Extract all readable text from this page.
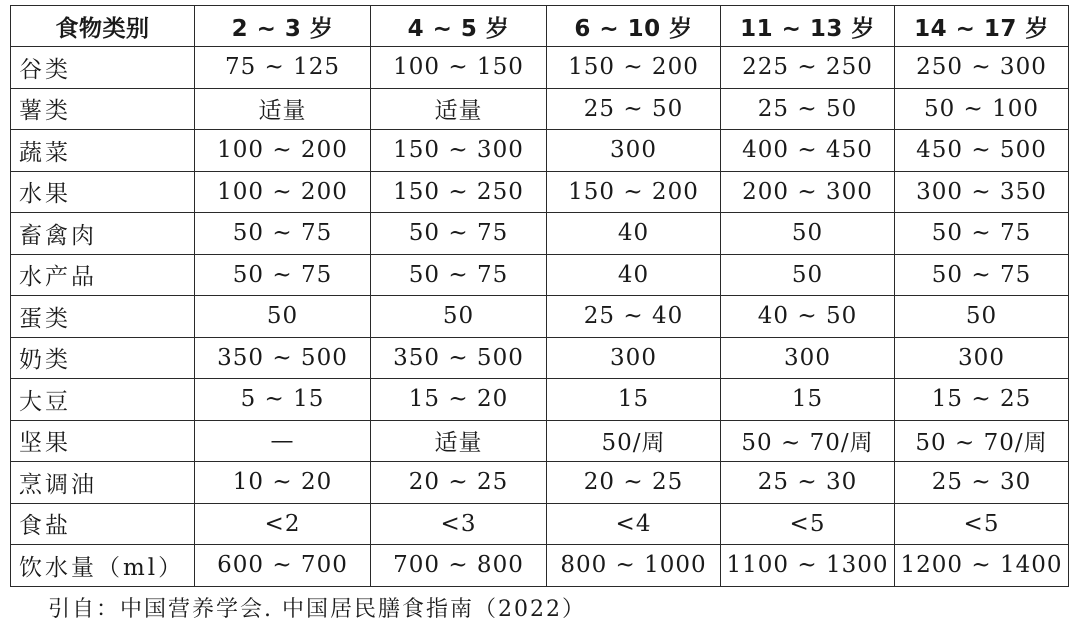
食物类别	2 ~ 3 岁	4 ~ 5 岁	6 ~ 10 岁	11 ~ 13 岁	14 ~ 17 岁
谷类	75 ~ 125	100 ~ 150	150 ~ 200	225 ~ 250	250 ~ 300
薯类	适量	适量	25 ~ 50	25 ~ 50	50 ~ 100
蔬菜	100 ~ 200	150 ~ 300	300	400 ~ 450	450 ~ 500
水果	100 ~ 200	150 ~ 250	150 ~ 200	200 ~ 300	300 ~ 350
畜禽肉	50 ~ 75	50 ~ 75	40	50	50 ~ 75
水产品	50 ~ 75	50 ~ 75	40	50	50 ~ 75
蛋类	50	50	25 ~ 40	40 ~ 50	50
奶类	350 ~ 500	350 ~ 500	300	300	300
大豆	5 ~ 15	15 ~ 20	15	15	15 ~ 25
坚果	—	适量	50/周	50 ~ 70/周	50 ~ 70/周
烹调油	10 ~ 20	20 ~ 25	20 ~ 25	25 ~ 30	25 ~ 30
食盐	<2	<3	<4	<5	<5
饮水量（ml）	600 ~ 700	700 ~ 800	800 ~ 1000	1100 ~ 1300	1200 ~ 1400
引自：中国营养学会. 中国居民膳食指南（2022）
